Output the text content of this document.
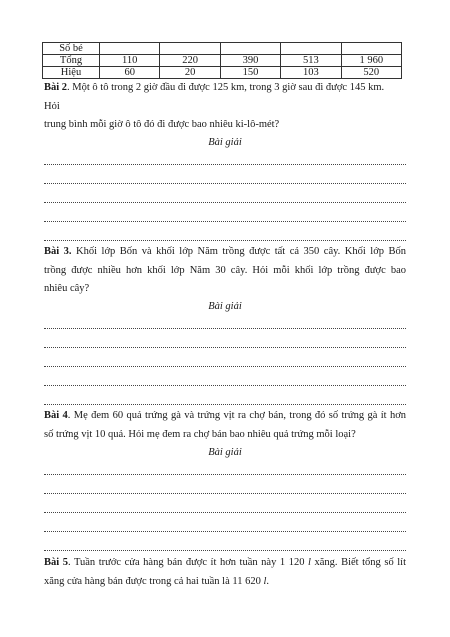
Số bé					
Tổng	110	220	390	513	1 960
Hiệu	60	20	150	103	520
Bài 2. Một ô tô trong 2 giờ đầu đi được 125 km, trong 3 giờ sau đi được 145 km.
Hỏi
trung bình mỗi giờ ô tô đó đi được bao nhiêu ki-lô-mét?
Bài giải
Bài 3. Khối lớp Bốn và khối lớp Năm trồng được tất cả 350 cây. Khối lớp Bốn
trồng được nhiều hơn khối lớp Năm 30 cây. Hỏi mỗi khối lớp trồng được bao
nhiêu cây?
Bài giải
Bài 4. Mẹ đem 60 quả trứng gà và trứng vịt ra chợ bán, trong đó số trứng gà ít hơn
số trứng vịt 10 quả. Hỏi mẹ đem ra chợ bán bao nhiêu quả trứng mỗi loại?
Bài giải
Bài 5. Tuần trước cửa hàng bán được ít hơn tuần này 1 120 l xăng. Biết tổng số lít
xăng cửa hàng bán được trong cả hai tuần là 11 620 l.
